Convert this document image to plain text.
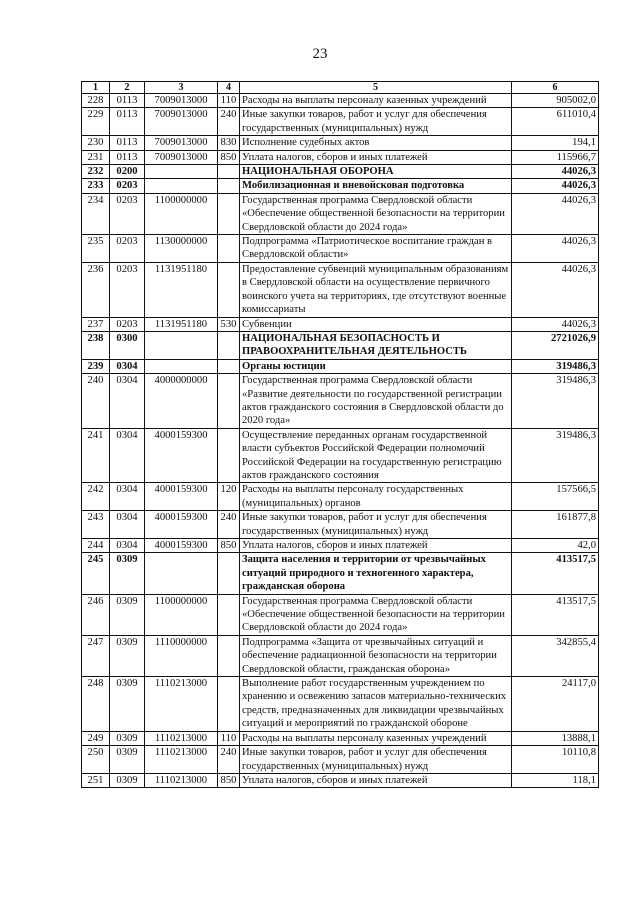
23
1	2	3	4	5	6
228	0113	7009013000	110	Расходы на выплаты персоналу казенных учреждений	905002,0
229	0113	7009013000	240	Иные закупки товаров, работ и услуг для обеспечения государственных (муниципальных) нужд	611010,4
230	0113	7009013000	830	Исполнение судебных актов	194,1
231	0113	7009013000	850	Уплата налогов, сборов и иных платежей	115966,7
232	0200			НАЦИОНАЛЬНАЯ ОБОРОНА	44026,3
233	0203			Мобилизационная и вневойсковая подготовка	44026,3
234	0203	1100000000		Государственная программа Свердловской области «Обеспечение общественной безопасности на территории Свердловской области до 2024 года»	44026,3
235	0203	1130000000		Подпрограмма «Патриотическое воспитание граждан в Свердловской области»	44026,3
236	0203	1131951180		Предоставление субвенций муниципальным образованиям в Свердловской области на осуществление первичного воинского учета на территориях, где отсутствуют военные комиссариаты	44026,3
237	0203	1131951180	530	Субвенции	44026,3
238	0300			НАЦИОНАЛЬНАЯ БЕЗОПАСНОСТЬ И ПРАВООХРАНИТЕЛЬНАЯ ДЕЯТЕЛЬНОСТЬ	2721026,9
239	0304			Органы юстиции	319486,3
240	0304	4000000000		Государственная программа Свердловской области «Развитие деятельности по государственной регистрации актов гражданского состояния в Свердловской области до 2020 года»	319486,3
241	0304	4000159300		Осуществление переданных органам государственной власти субъектов Российской Федерации полномочий Российской Федерации на государственную регистрацию актов гражданского состояния	319486,3
242	0304	4000159300	120	Расходы на выплаты персоналу государственных (муниципальных) органов	157566,5
243	0304	4000159300	240	Иные закупки товаров, работ и услуг для обеспечения государственных (муниципальных) нужд	161877,8
244	0304	4000159300	850	Уплата налогов, сборов и иных платежей	42,0
245	0309			Защита населения и территории от чрезвычайных ситуаций природного и техногенного характера, гражданская оборона	413517,5
246	0309	1100000000		Государственная программа Свердловской области «Обеспечение общественной безопасности на территории Свердловской области до 2024 года»	413517,5
247	0309	1110000000		Подпрограмма «Защита от чрезвычайных ситуаций и обеспечение радиационной безопасности на территории Свердловской области, гражданская оборона»	342855,4
248	0309	1110213000		Выполнение работ государственным учреждением по хранению и освежению запасов материально-технических средств, предназначенных для ликвидации чрезвычайных ситуаций и мероприятий по гражданской обороне	24117,0
249	0309	1110213000	110	Расходы на выплаты персоналу казенных учреждений	13888,1
250	0309	1110213000	240	Иные закупки товаров, работ и услуг для обеспечения государственных (муниципальных) нужд	10110,8
251	0309	1110213000	850	Уплата налогов, сборов и иных платежей	118,1
